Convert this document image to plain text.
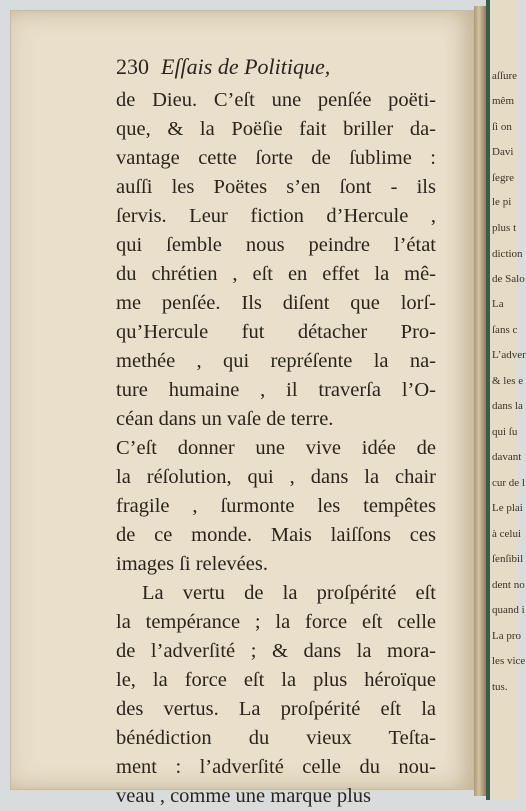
230 Eſſais de Politique,
de Dieu. C’eſt une penſée poëti-
que, & la Poëſie fait briller da-
vantage cette ſorte de ſublime :
auſſi les Poëtes s’en ſont - ils
ſervis. Leur fiction d’Hercule ,
qui ſemble nous peindre l’état
du chrétien , eſt en effet la mê-
me penſée. Ils diſent que lorſ-
qu’Hercule fut détacher Pro-
methée , qui repréſente la na-
ture humaine , il traverſa l’O-
céan dans un vaſe de terre.
C’eſt donner une vive idée de
la réſolution, qui , dans la chair
fragile , ſurmonte les tempêtes
de ce monde. Mais laiſſons ces
images ſi relevées.
La vertu de la proſpérité eſt
la tempérance ; la force eſt celle
de l’adverſité ; & dans la mora-
le, la force eſt la plus héroïque
des vertus. La proſpérité eſt la
bénédiction du vieux Teſta-
ment : l’adverſité celle du nou-
veau , comme une marque plus
aſſure
mêm
ſi on
Davi
ſegre
le pi
plus t
diction
de Salo
La
ſans c
L’adver
& les e
dans la
qui ſu
davant
cur de l
Le plai
à celui
ſenſibil
dent no
quand i
La pro
les vice
tus.
